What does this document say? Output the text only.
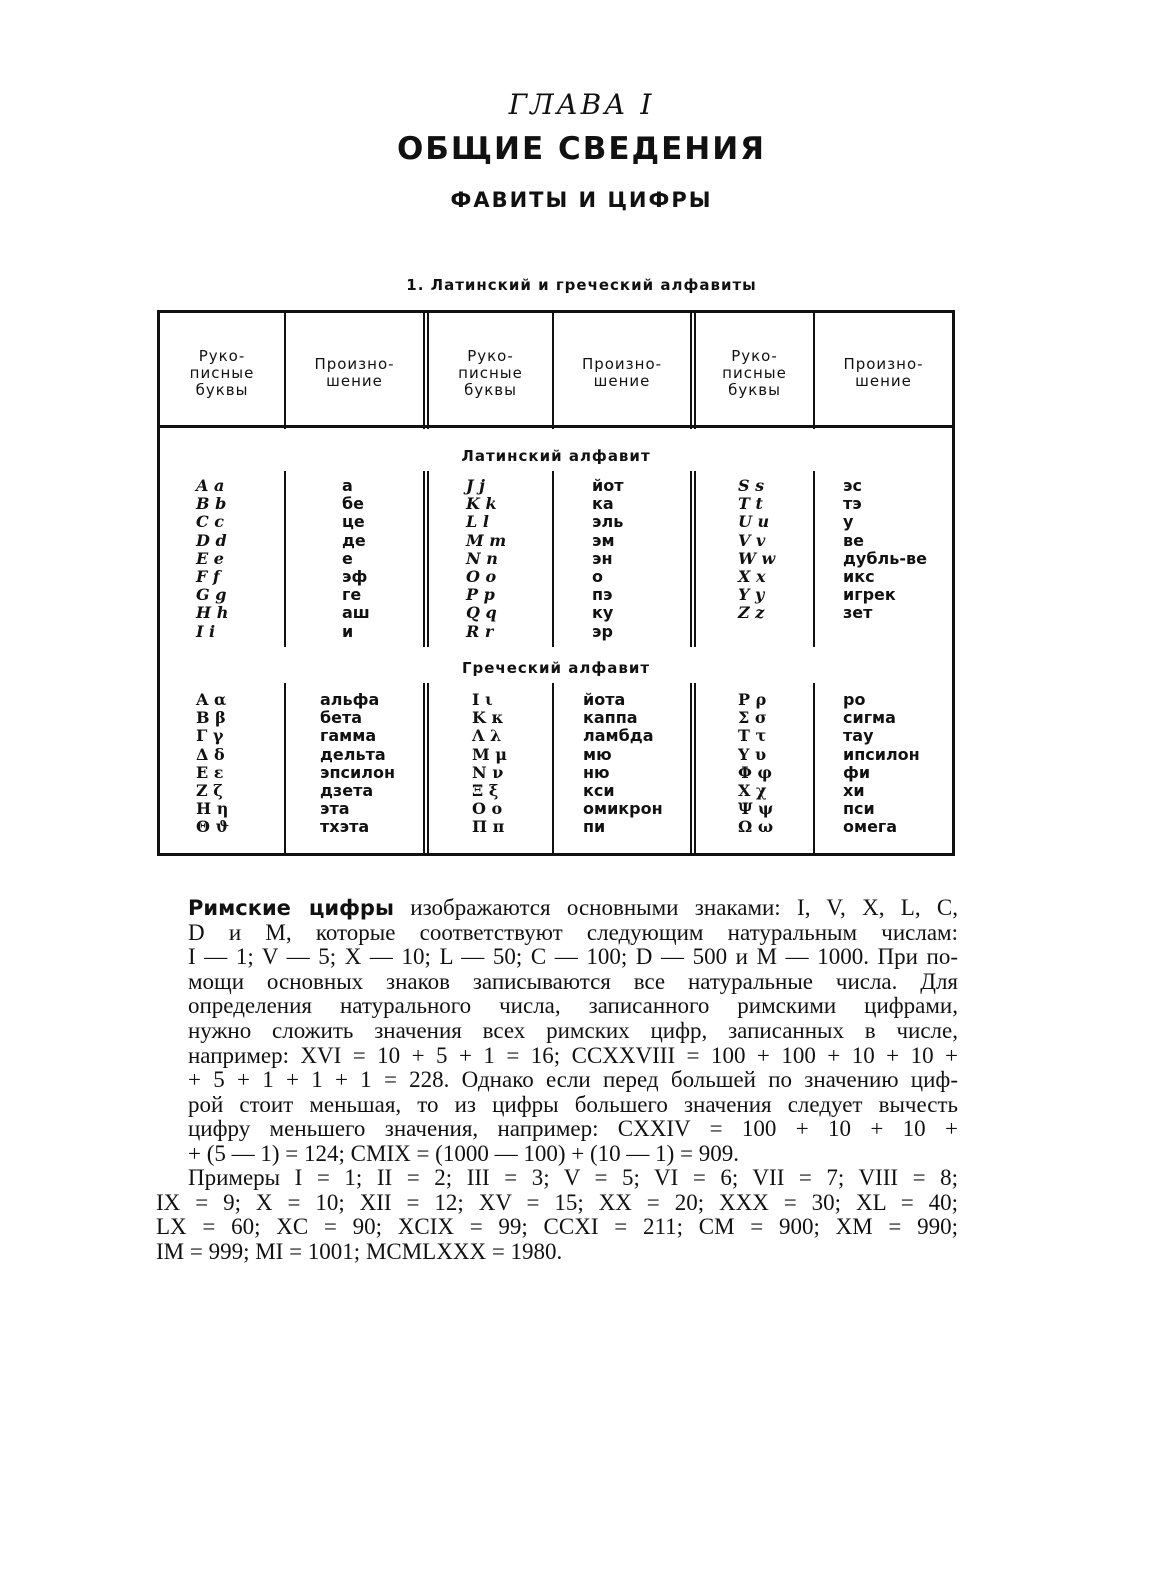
ГЛАВА I
ОБЩИЕ СВЕДЕНИЯ
ФАВИТЫ И ЦИФРЫ
1. Латинский и греческий алфавиты
Руко-
писные
буквы
Произно-
шение
Руко-
писные
буквы
Произно-
шение
Руко-
писные
буквы
Произно-
шение
Латинский алфавит
A a
B b
C c
D d
E e
F f
G g
H h
I i
а
бе
це
де
е
эф
ге
аш
и
J j
K k
L l
M m
N n
O o
P p
Q q
R r
йот
ка
эль
эм
эн
о
пэ
ку
эр
S s
T t
U u
V v
W w
X x
Y y
Z z
эс
тэ
у
ве
дубль-ве
икс
игрек
зет
Греческий алфавит
Α α
Β β
Γ γ
Δ δ
Ε ε
Ζ ζ
Η η
Θ ϑ
альфа
бета
гамма
дельта
эпсилон
дзета
эта
тхэта
Ι ι
Κ κ
Λ λ
Μ μ
Ν ν
Ξ ξ
Ο ο
Π π
йота
каппа
ламбда
мю
ню
кси
омикрон
пи
Ρ ρ
Σ σ
Τ τ
Υ υ
Φ φ
Χ χ
Ψ ψ
Ω ω
ро
сигма
тау
ипсилон
фи
хи
пси
омега
Римские цифры изображаются основными знаками: I, V, X, L, C,
D и M, которые соответствуют следующим натуральным числам:
I — 1; V — 5; X — 10; L — 50; C — 100; D — 500 и M — 1000. При по-
мощи основных знаков записываются все натуральные числа. Для
определения натурального числа, записанного римскими цифрами,
нужно сложить значения всех римских цифр, записанных в числе,
например: XVI = 10 + 5 + 1 = 16; CCXXVIII = 100 + 100 + 10 + 10 +
+ 5 + 1 + 1 + 1 = 228. Однако если перед большей по значению циф-
рой стоит меньшая, то из цифры большего значения следует вычесть
цифру меньшего значения, например: CXXIV = 100 + 10 + 10 +
+ (5 — 1) = 124; CMIX = (1000 — 100) + (10 — 1) = 909.
Примеры I = 1; II = 2; III = 3; V = 5; VI = 6; VII = 7; VIII = 8;
IX = 9; X = 10; XII = 12; XV = 15; XX = 20; XXX = 30; XL = 40;
LX = 60; XC = 90; XCIX = 99; CCXI = 211; CM = 900; XM = 990;
IM = 999; MI = 1001; MCMLXXX = 1980.
